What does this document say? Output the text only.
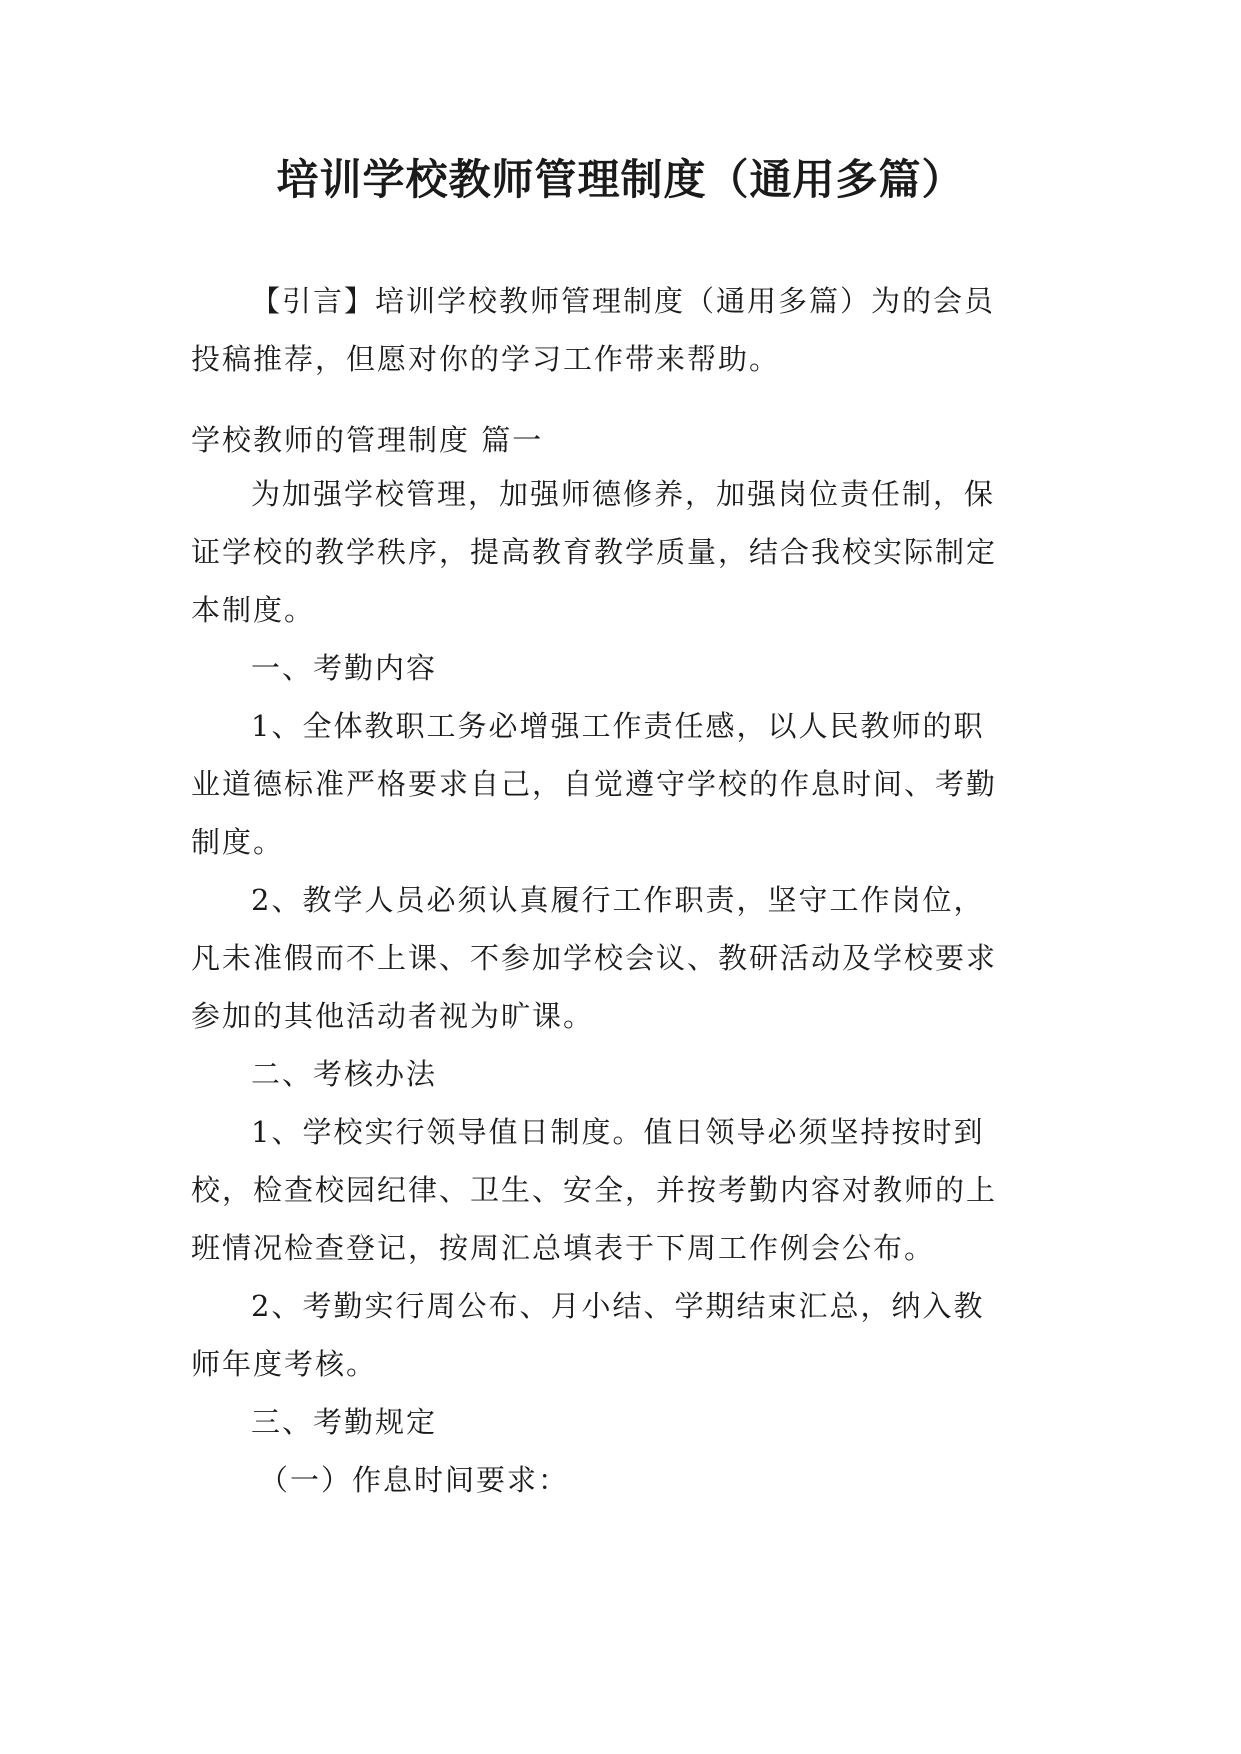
培训学校教师管理制度（通用多篇）
【引言】培训学校教师管理制度（通用多篇）为的会员
投稿推荐，但愿对你的学习工作带来帮助。
学校教师的管理制度 篇一
为加强学校管理，加强师德修养，加强岗位责任制，保
证学校的教学秩序，提高教育教学质量，结合我校实际制定
本制度。
一、考勤内容
1、全体教职工务必增强工作责任感，以人民教师的职
业道德标准严格要求自己，自觉遵守学校的作息时间、考勤
制度。
2、教学人员必须认真履行工作职责，坚守工作岗位，
凡未准假而不上课、不参加学校会议、教研活动及学校要求
参加的其他活动者视为旷课。
二、考核办法
1、学校实行领导值日制度。值日领导必须坚持按时到
校，检查校园纪律、卫生、安全，并按考勤内容对教师的上
班情况检查登记，按周汇总填表于下周工作例会公布。
2、考勤实行周公布、月小结、学期结束汇总，纳入教
师年度考核。
三、考勤规定
（一）作息时间要求：
